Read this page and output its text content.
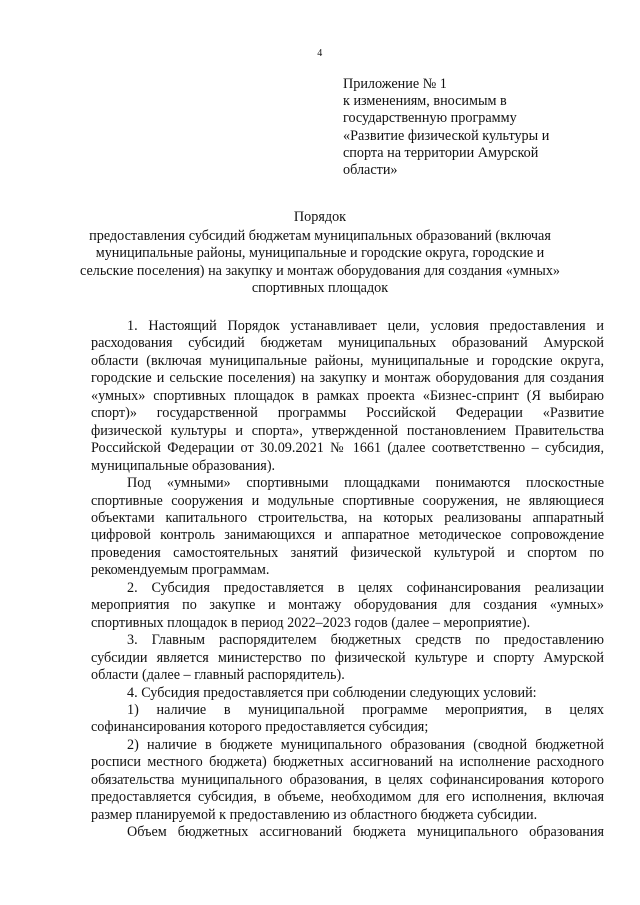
4
Приложение № 1
к изменениям, вносимым в
государственную программу
«Развитие физической культуры и
спорта на территории Амурской
области»
Порядок
предоставления субсидий бюджетам муниципальных образований (включая
муниципальные районы, муниципальные и городские округа, городские и
сельские поселения) на закупку и монтаж оборудования для создания «умных»
спортивных площадок
1. Настоящий Порядок устанавливает цели, условия предоставления и
расходования субсидий бюджетам муниципальных образований Амурской
области (включая муниципальные районы, муниципальные и городские округа,
городские и сельские поселения) на закупку и монтаж оборудования для создания
«умных» спортивных площадок в рамках проекта «Бизнес-спринт (Я выбираю
спорт)» государственной программы Российской Федерации «Развитие
физической культуры и спорта», утвержденной постановлением Правительства
Российской Федерации от 30.09.2021 № 1661 (далее соответственно – субсидия,
муниципальные образования).
Под «умными» спортивными площадками понимаются плоскостные
спортивные сооружения и модульные спортивные сооружения, не являющиеся
объектами капитального строительства, на которых реализованы аппаратный
цифровой контроль занимающихся и аппаратное методическое сопровождение
проведения самостоятельных занятий физической культурой и спортом по
рекомендуемым программам.
2. Субсидия предоставляется в целях софинансирования реализации
мероприятия по закупке и монтажу оборудования для создания «умных»
спортивных площадок в период 2022–2023 годов (далее – мероприятие).
3. Главным распорядителем бюджетных средств по предоставлению
субсидии является министерство по физической культуре и спорту Амурской
области (далее – главный распорядитель).
4. Субсидия предоставляется при соблюдении следующих условий:
1) наличие в муниципальной программе мероприятия, в целях
софинансирования которого предоставляется субсидия;
2) наличие в бюджете муниципального образования (сводной бюджетной
росписи местного бюджета) бюджетных ассигнований на исполнение расходного
обязательства муниципального образования, в целях софинансирования которого
предоставляется субсидия, в объеме, необходимом для его исполнения, включая
размер планируемой к предоставлению из областного бюджета субсидии.
Объем бюджетных ассигнований бюджета муниципального образования
